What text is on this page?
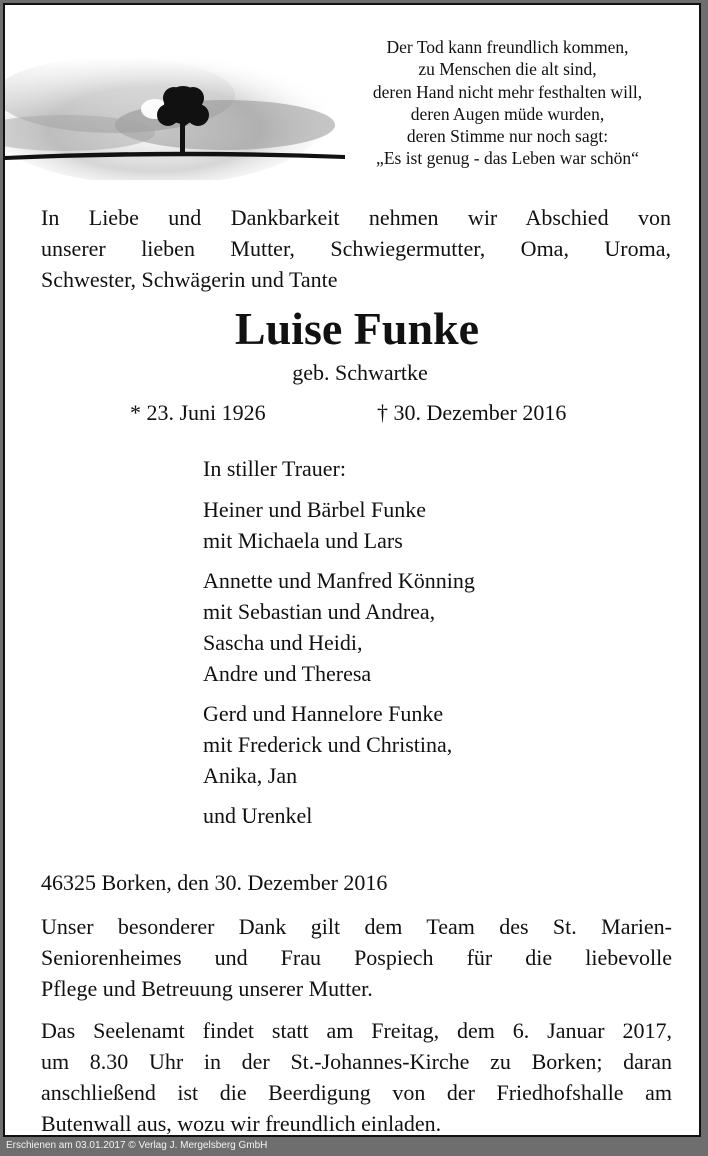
Der Tod kann freundlich kommen,
zu Menschen die alt sind,
deren Hand nicht mehr festhalten will,
deren Augen müde wurden,
deren Stimme nur noch sagt:
„Es ist genug - das Leben war schön“
In Liebe und Dankbarkeit nehmen wir Abschied von
unserer lieben Mutter, Schwiegermutter, Oma, Uroma,
Schwester, Schwägerin und Tante
Luise Funke
geb. Schwartke
* 23. Juni 1926	† 30. Dezember 2016
In stiller Trauer:
Heiner und Bärbel Funke
mit Michaela und Lars
Annette und Manfred Könning
mit Sebastian und Andrea,
Sascha und Heidi,
Andre und Theresa
Gerd und Hannelore Funke
mit Frederick und Christina,
Anika, Jan
und Urenkel
46325 Borken, den 30. Dezember 2016
Unser besonderer Dank gilt dem Team des St. Marien-
Seniorenheimes und Frau Pospiech für die liebevolle
Pflege und Betreuung unserer Mutter.
Das Seelenamt findet statt am Freitag, dem 6. Januar 2017,
um 8.30 Uhr in der St.-Johannes-Kirche zu Borken; daran
anschließend ist die Beerdigung von der Friedhofshalle am
Butenwall aus, wozu wir freundlich einladen.
Erschienen am 03.01.2017 © Verlag J. Mergelsberg GmbH
